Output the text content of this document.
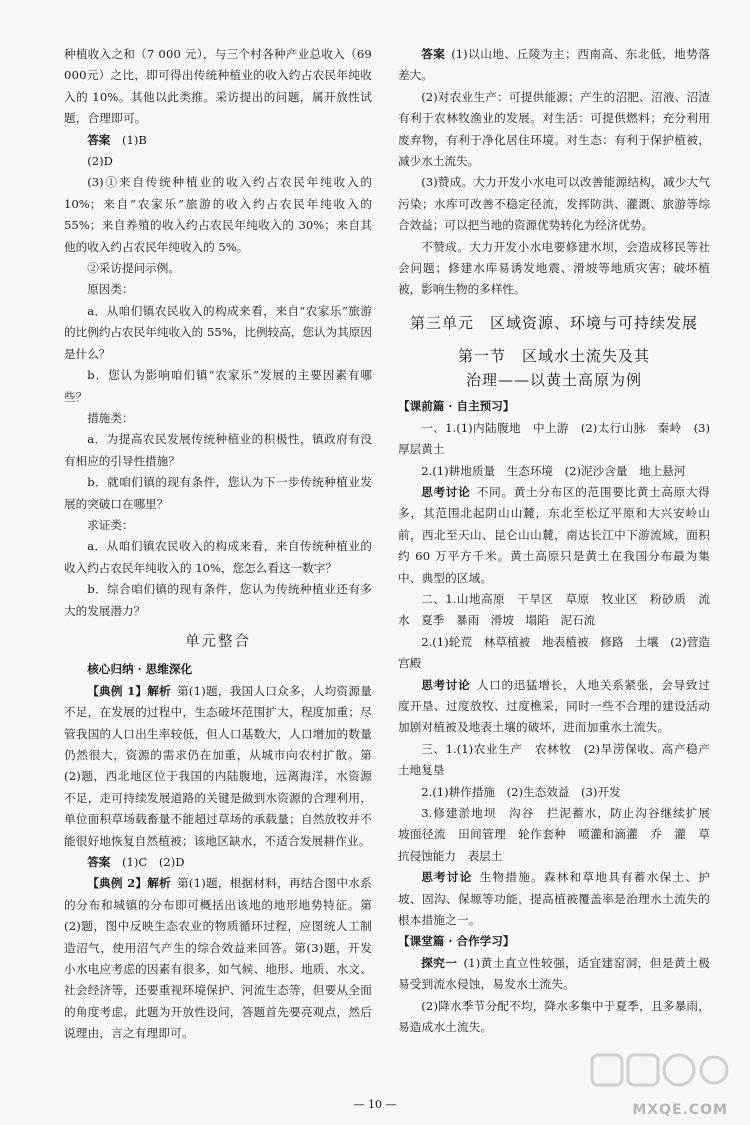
种植收入之和（7 000 元），与三个村各种产业总收入（69 000元）之比，即可得出传统种植业的收入约占农民年纯收入的 10%。其他以此类推。采访提出的问题，属开放性试题，合理即可。

答案  (1)B

(2)D

(3)①来自传统种植业的收入约占农民年纯收入的 10%；来自“农家乐”旅游的收入约占农民年纯收入的 55%；来自养殖的收入约占农民年纯收入的 30%；来自其他的收入约占农民年纯收入的 5%。

②采访提问示例。

原因类：

a．从咱们镇农民收入的构成来看，来自“农家乐”旅游的比例约占农民年纯收入的 55%，比例较高，您认为其原因是什么？

b．您认为影响咱们镇“农家乐”发展的主要因素有哪些？

措施类：

a．为提高农民发展传统种植业的积极性，镇政府有没有相应的引导性措施？

b．就咱们镇的现有条件，您认为下一步传统种植业发展的突破口在哪里？

求证类：

a．从咱们镇农民收入的构成来看，来自传统种植业的收入约占农民年纯收入的 10%，您怎么看这一数字？

b．综合咱们镇的现有条件，您认为传统种植业还有多大的发展潜力？

单元整合

核心归纳 · 思维深化

【典例 1】解析  第(1)题，我国人口众多，人均资源量不足，在发展的过程中，生态破坏范围扩大，程度加重；尽管我国的人口出生率较低，但人口基数大，人口增加的数量仍然很大，资源的需求仍在加重，从城市向农村扩散。第(2)题，西北地区位于我国的内陆腹地，远离海洋，水资源不足，走可持续发展道路的关键是做到水资源的合理利用，单位面积草场载畜量不能超过草场的承载量；自然放牧并不能很好地恢复自然植被；该地区缺水，不适合发展耕作业。

答案  (1)C　(2)D

【典例 2】解析  第(1)题，根据材料，再结合图中水系的分布和城镇的分布即可概括出该地的地形地势特征。第(2)题，图中反映生态农业的物质循环过程，应图统人工制造沼气，使用沼气产生的综合效益来回答。第(3)题，开发小水电应考虑的因素有很多，如气候、地形、地质、水文、社会经济等，还要重视环境保护、河流生态等，但要从全面的角度考虑，此题为开放性设问，答题首先要亮观点，然后说理由，言之有理即可。

答案  (1)以山地、丘陵为主；西南高、东北低，地势落差大。

(2)对农业生产：可提供能源；产生的沼肥、沼液、沼渣有利于农林牧渔业的发展。对生活：可提供燃料；充分利用废弃物，有利于净化居住环境。对生态：有利于保护植被，减少水土流失。

(3)赞成。大力开发小水电可以改善能源结构，减少大气污染；水库可改善不稳定径流，发挥防洪、灌溉、旅游等综合效益；可以把当地的资源优势转化为经济优势。

不赞成。大力开发小水电要修建水坝，会造成移民等社会问题；修建水库易诱发地震、滑坡等地质灾害；破坏植被，影响生物的多样性。

第三单元　区域资源、环境与可持续发展
第一节　区域水土流失及其
治理——以黄土高原为例

【课前篇 · 自主预习】

一、1.(1)内陆腹地　中上游　(2)太行山脉　秦岭　(3)厚层黄土

2.(1)耕地质量　生态环境　(2)泥沙含量　地上悬河

思考讨论  不同。黄土分布区的范围要比黄土高原大得多，其范围北起阴山山麓，东北至松辽平原和大兴安岭山前，西北至天山、昆仑山山麓，南达长江中下游流域，面积约 60 万平方千米。黄土高原只是黄土在我国分布最为集中、典型的区域。

二、1.山地高原　干旱区　草原　牧业区　粉砂质　流水　夏季　暴雨　滑坡　塌陷　泥石流

2.(1)轮荒　林草植被　地表植被　修路　土壤　(2)营造宫殿

思考讨论  人口的迅猛增长，人地关系紧张，会导致过度开垦、过度放牧、过度樵采，同时一些不合理的建设活动加剧对植被及地表土壤的破坏，进而加重水土流失。

三、1.(1)农业生产　农林牧　(2)旱涝保收、高产稳产　土地复垦

2.(1)耕作措施　(2)生态效益　(3)开发

3.修建淤地坝　沟谷　拦泥蓄水，防止沟谷继续扩展　坡面径流　田间管理　轮作套种　喷灌和滴灌　乔　灌　草　抗侵蚀能力　表层土

思考讨论  生物措施。森林和草地具有蓄水保土、护坡、固沟、保塬等功能，提高植被覆盖率是治理水土流失的根本措施之一。

【课堂篇 · 合作学习】

探究一  (1)黄土直立性较强，适宜建窑洞，但是黄土极易受到流水侵蚀，易发水土流失。

(2)降水季节分配不均，降水多集中于夏季，且多暴雨，易造成水土流失。

— 10 —	MXQE.COM
